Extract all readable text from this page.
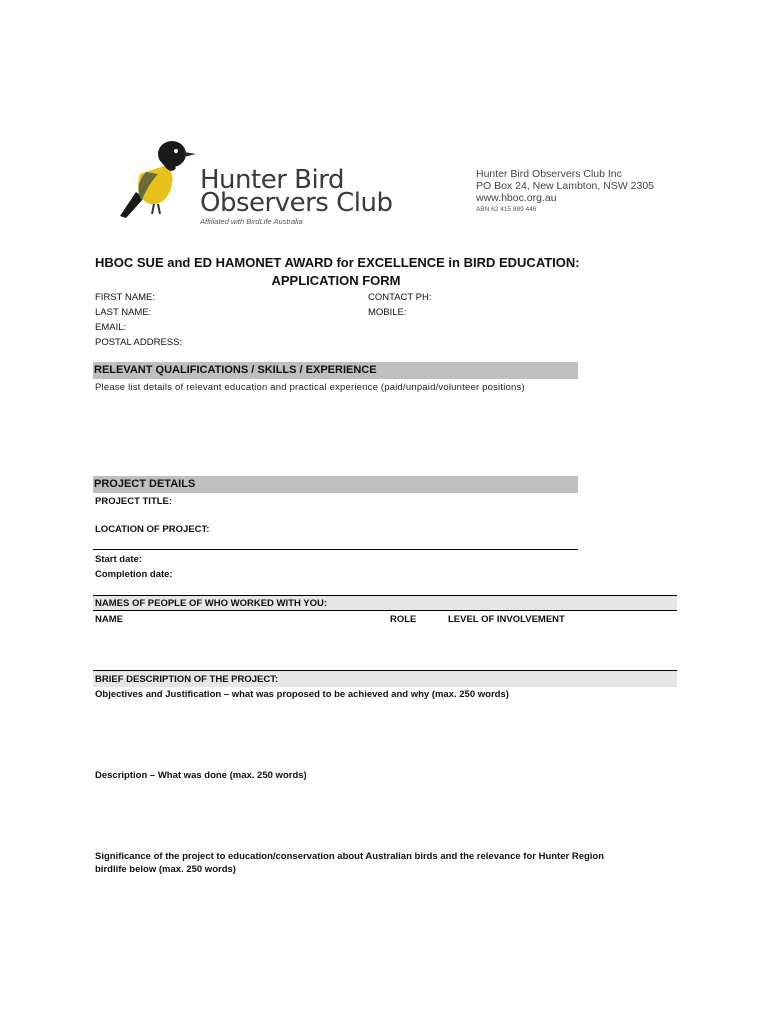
Hunter Bird
Observers Club
Affiliated with BirdLife Australia
Hunter Bird Observers Club Inc
PO Box 24, New Lambton, NSW 2305
www.hboc.org.au
ABN 62 415 889 446
HBOC SUE and ED HAMONET AWARD for EXCELLENCE in BIRD EDUCATION:
APPLICATION FORM
FIRST NAME:
LAST NAME:
EMAIL:
POSTAL ADDRESS:
CONTACT PH:
MOBILE:
RELEVANT QUALIFICATIONS / SKILLS / EXPERIENCE
Please list details of relevant education and practical experience (paid/unpaid/volunteer positions)
PROJECT DETAILS
PROJECT TITLE:
LOCATION OF PROJECT:
Start date:
Completion date:
NAMES OF PEOPLE OF WHO WORKED WITH YOU:
NAME	ROLE	LEVEL OF INVOLVEMENT
BRIEF DESCRIPTION OF THE PROJECT:
Objectives and Justification – what was proposed to be achieved and why (max. 250 words)
Description – What was done (max. 250 words)
Significance of the project to education/conservation about Australian birds and the relevance for Hunter Region
birdlife below (max. 250 words)
